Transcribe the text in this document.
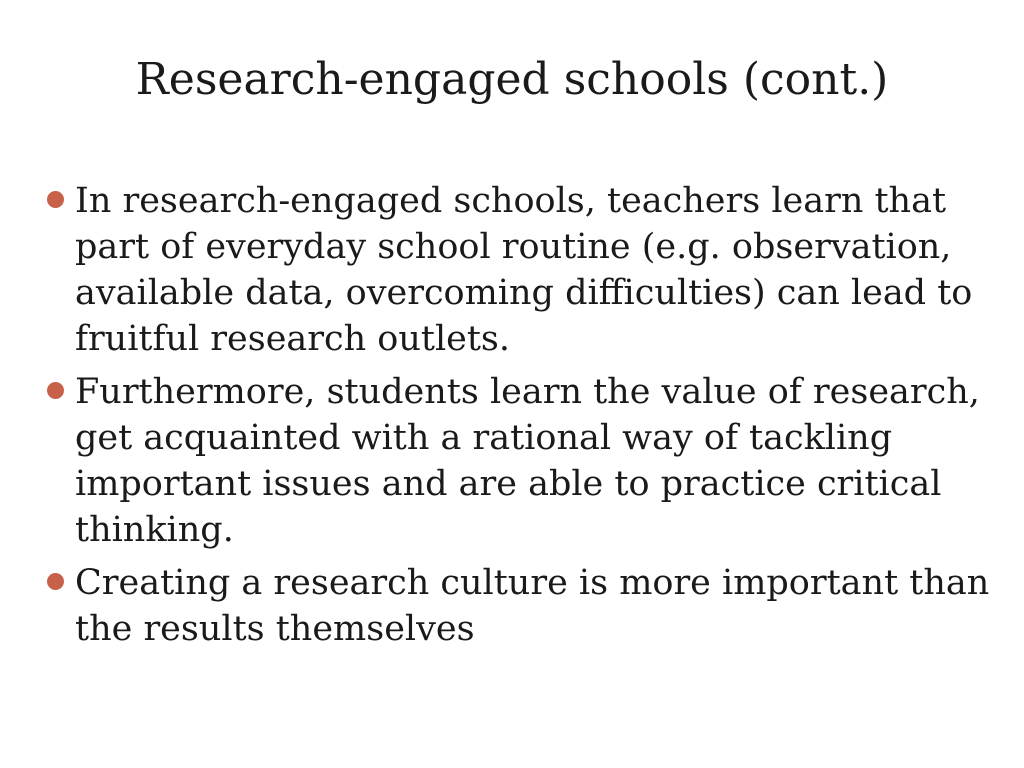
Research-engaged schools (cont.)
In research-engaged schools, teachers learn that part of everyday school routine (e.g. observation, available data, overcoming difficulties) can lead to fruitful research outlets.
Furthermore, students learn the value of research, get acquainted with a rational way of tackling important issues and are able to practice critical thinking.
Creating a research culture is more important than the results themselves
